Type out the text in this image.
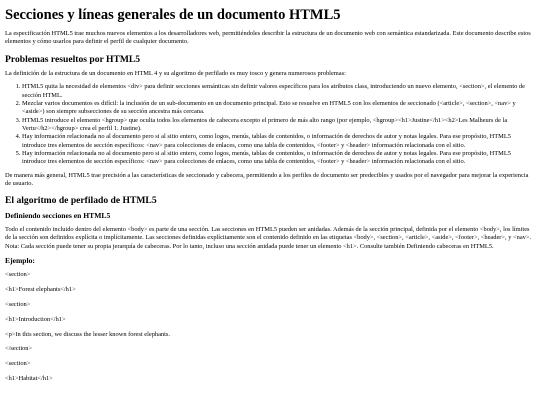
Secciones y líneas generales de un documento HTML5

La especificación HTML5 trae muchos nuevos elementos a los desarrolladores web, permitiéndoles describir la estructura de un documento web con semántica estandarizada. Este documento describe estos elementos y cómo usarlos para definir el perfil de cualquier documento.

Problemas resueltos por HTML5

La definición de la estructura de un documento en HTML 4 y su algoritmo de perfilado es muy tosco y genera numerosos problemas:

1. HTML5 quita la necesidad de elementos <div> para definir secciones semánticas sin definir valores específicos para los atributos class, introduciendo un nuevo elemento, <section>, el elemento de sección HTML.
2. Mezclar varios documentos es difícil: la inclusión de un sub-documento en un documento principal. Esto se resuelve en HTML5 con los elementos de seccionado (<article>, <section>, <nav> y <aside>) son siempre subsecciones de su sección ancestra más cercana.
3. HTML5 introduce el elemento <hgroup> que oculta todos los elementos de cabecera excepto el primero de más alto rango (por ejemplo, <hgroup><h1>Justine</h1><h2>Les Malheurs de la Vertu</h2></hgroup> crea el perfil 1. Justine).
4. Hay información relacionada no al documento pero si al sitio entero, como logos, menús, tablas de contenidos, o información de derechos de autor y notas legales. Para ese propósito, HTML5 introduce tres elementos de sección específicos: <nav> para colecciones de enlaces, como una tabla de contenidos, <footer> y <header> información relacionada con el sitio.
5. Hay información relacionada no al documento pero si al sitio entero, como logos, menús, tablas de contenidos, o información de derechos de autor y notas legales. Para ese propósito, HTML5 introduce tres elementos de sección específicos: <nav> para colecciones de enlaces, como una tabla de contenidos, <footer> y <header> información relacionada con el sitio.

De manera más general, HTML5 trae precisión a las características de seccionado y cabecera, permitiendo a los perfiles de documento ser predecibles y usados por el navegador para mejorar la experiencia de usuario.

El algoritmo de perfilado de HTML5
Definiendo secciones en HTML5

Todo el contenido incluido dentro del elemento <body> es parte de una sección. Las secciones en HTML5 pueden ser anidadas. Además de la sección principal, definida por el elemento <body>, los límites de la sección son definidos explícita o implícitamente. Las secciones definidas explícitamente son el contenido definido en las etiquetas <body>, <section>, <article>, <aside>, <footer>, <header>, y <nav>. Nota: Cada sección puede tener su propia jerarquía de cabeceras. Por lo tanto, incluso una sección anidada puede tener un elemento <h1>. Consulte también Definiendo cabeceras en HTML5.

Ejemplo:

<section>

<h1>Forest elephants</h1>

<section>

<h1>Introduction</h1>

<p>In this section, we discuss the lesser known forest elephants.

</section>

<section>

<h1>Habitat</h1>
